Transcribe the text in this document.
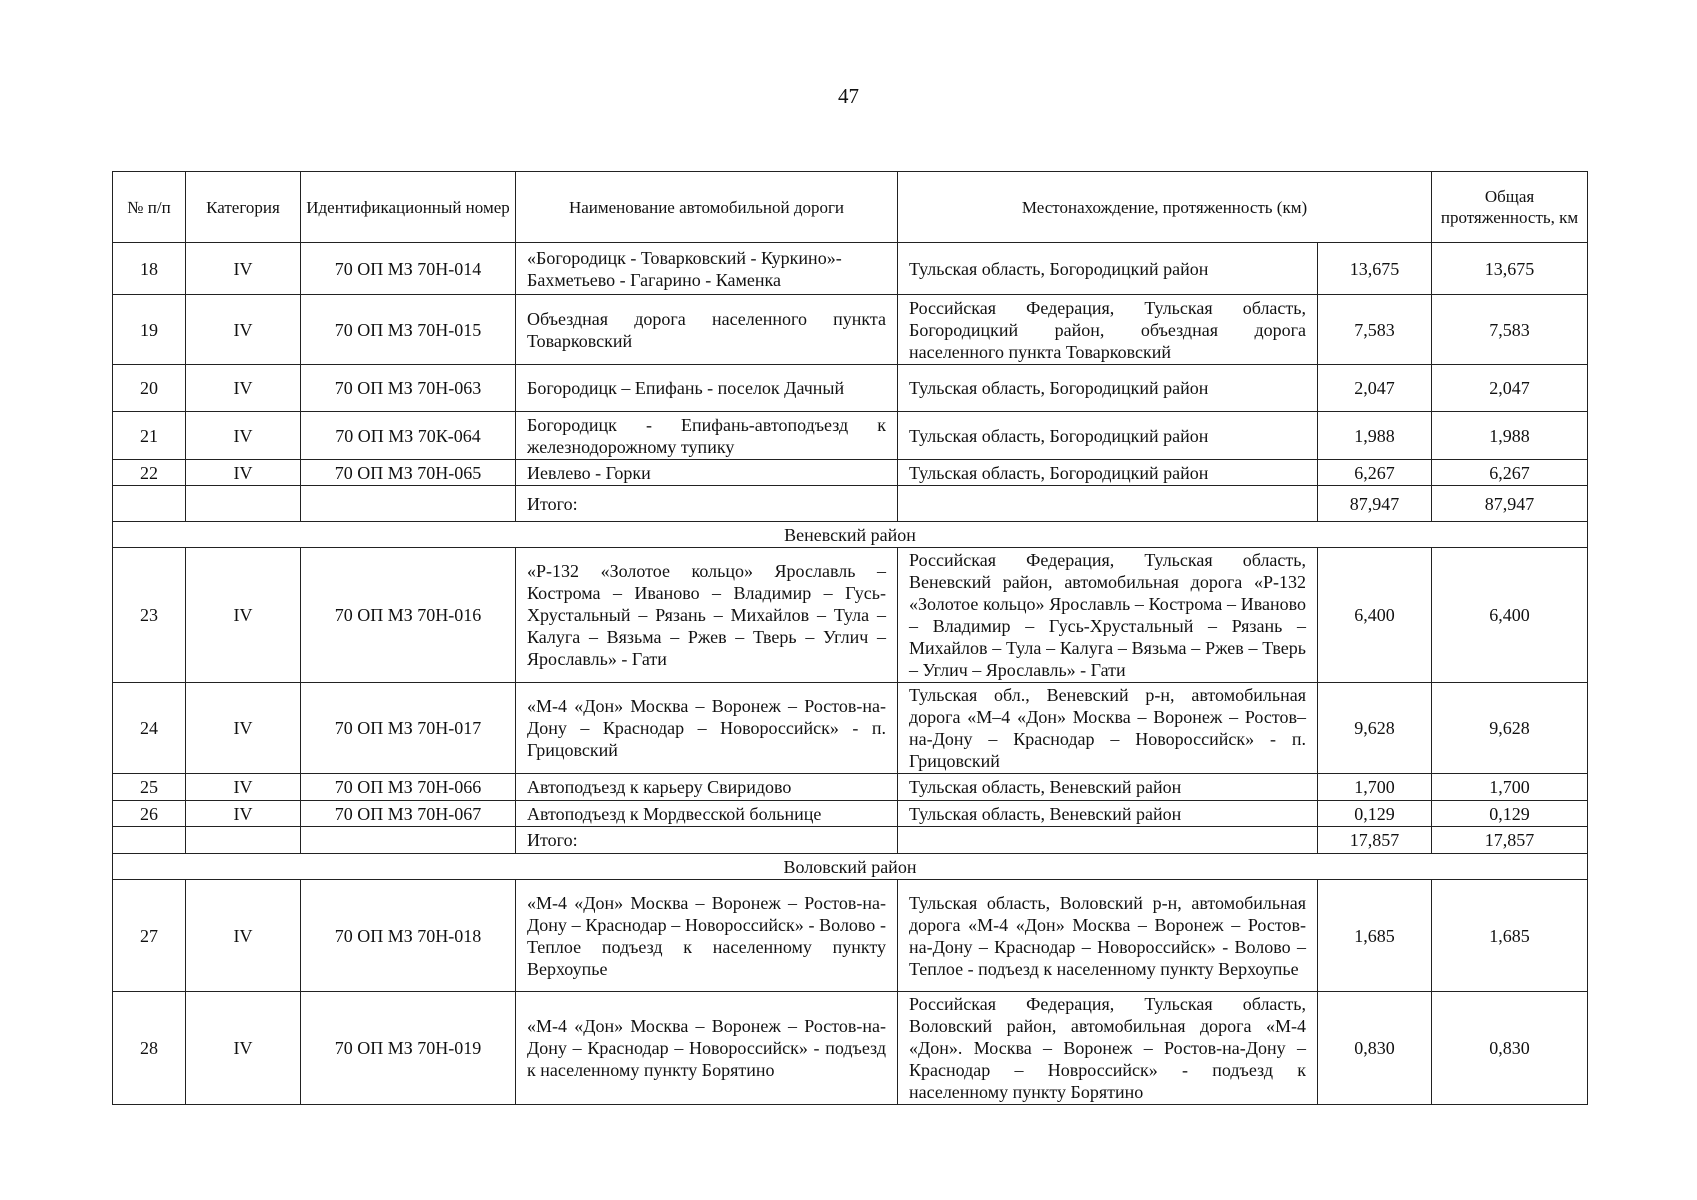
47
№ п/п	Категория	Идентификационный номер	Наименование автомобильной дороги	Местонахождение, протяженность (км)		Общая протяженность, км
18	IV	70 ОП МЗ 70Н-014	«Богородицк - Товарковский - Куркино»-Бахметьево - Гагарино - Каменка	Тульская область, Богородицкий район	13,675	13,675
19	IV	70 ОП МЗ 70Н-015	Объездная дорога населенного пункта Товарковский	Российская Федерация, Тульская область, Богородицкий район, объездная дорога населенного пункта Товарковский	7,583	7,583
20	IV	70 ОП МЗ 70Н-063	Богородицк – Епифань - поселок Дачный	Тульская область, Богородицкий район	2,047	2,047
21	IV	70 ОП МЗ 70К-064	Богородицк - Епифань-автоподъезд к железнодорожному тупику	Тульская область, Богородицкий район	1,988	1,988
22	IV	70 ОП МЗ 70Н-065	Иевлево - Горки	Тульская область, Богородицкий район	6,267	6,267
			Итого:		87,947	87,947
Веневский район						
23	IV	70 ОП МЗ 70Н-016	«Р-132 «Золотое кольцо» Ярославль – Кострома – Иваново – Владимир – Гусь-Хрустальный – Рязань – Михайлов – Тула – Калуга – Вязьма – Ржев – Тверь – Углич – Ярославль» - Гати	Российская Федерация, Тульская область, Веневский район, автомобильная дорога «Р-132 «Золотое кольцо» Ярославль – Кострома – Иваново – Владимир – Гусь-Хрустальный – Рязань – Михайлов – Тула – Калуга – Вязьма – Ржев – Тверь – Углич – Ярославль» - Гати	6,400	6,400
24	IV	70 ОП МЗ 70Н-017	«М-4 «Дон» Москва – Воронеж – Ростов-на-Дону – Краснодар – Новороссийск» - п. Грицовский	Тульская обл., Веневский р-н, автомобильная дорога «М–4 «Дон» Москва – Воронеж – Ростов–на-Дону – Краснодар – Новороссийск» - п. Грицовский	9,628	9,628
25	IV	70 ОП МЗ 70Н-066	Автоподъезд к карьеру Свиридово	Тульская область, Веневский район	1,700	1,700
26	IV	70 ОП МЗ 70Н-067	Автоподъезд к Мордвесской больнице	Тульская область, Веневский район	0,129	0,129
			Итого:		17,857	17,857
Воловский район						
27	IV	70 ОП МЗ 70Н-018	«М-4 «Дон» Москва – Воронеж – Ростов-на-Дону – Краснодар – Новороссийск» - Волово - Теплое подъезд к населенному пункту Верхоупье	Тульская область, Воловский р-н, автомобильная дорога «М-4 «Дон» Москва – Воронеж – Ростов-на-Дону – Краснодар – Новороссийск» - Волово – Теплое - подъезд к населенному пункту Верхоупье	1,685	1,685
28	IV	70 ОП МЗ 70Н-019	«М-4 «Дон» Москва – Воронеж – Ростов-на-Дону – Краснодар – Новороссийск» - подъезд к населенному пункту Борятино	Российская Федерация, Тульская область, Воловский район, автомобильная дорога «М-4 «Дон». Москва – Воронеж – Ростов-на-Дону – Краснодар – Новроссийск» - подъезд к населенному пункту Борятино	0,830	0,830
